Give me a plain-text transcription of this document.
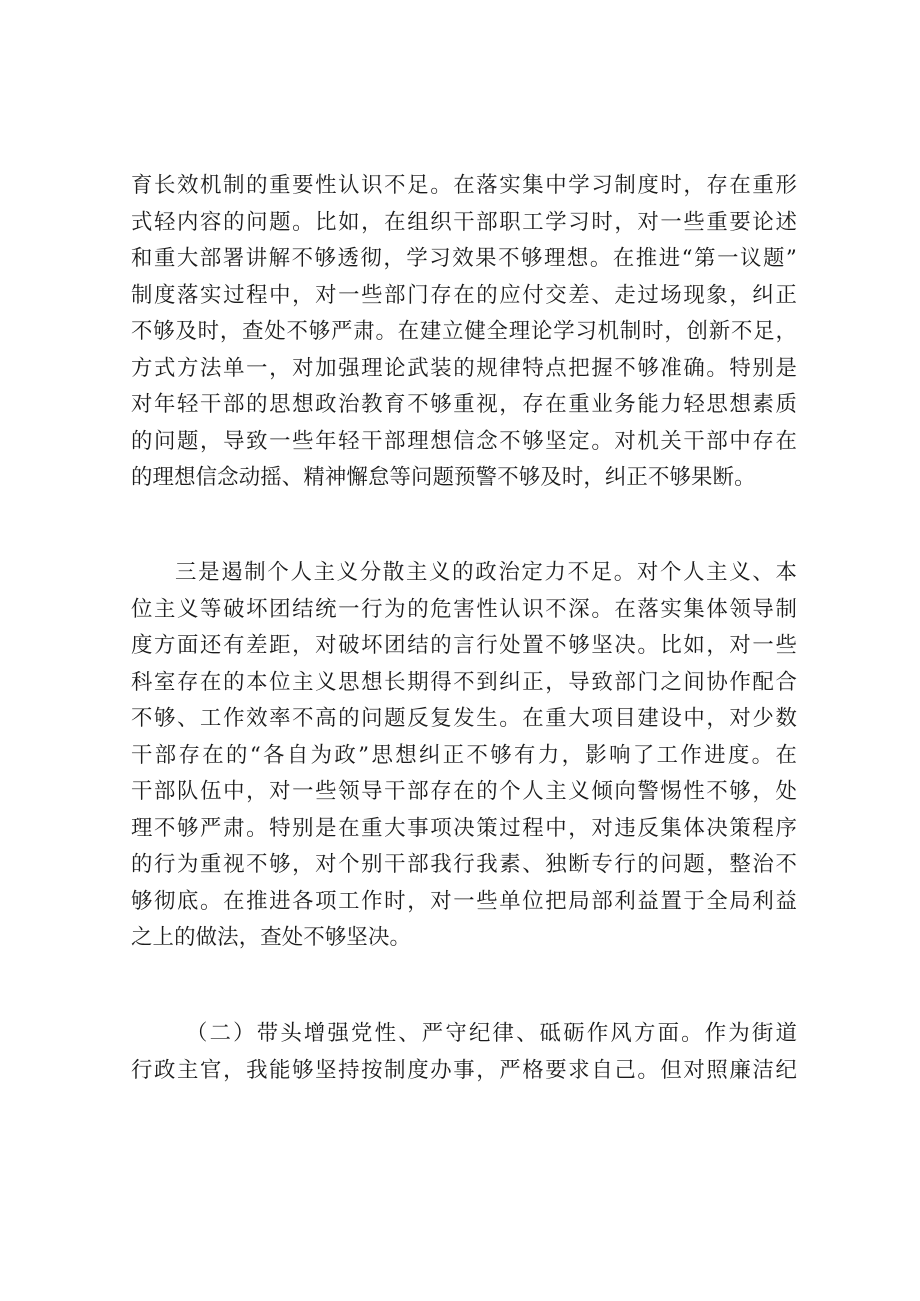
育长效机制的重要性认识不足。在落实集中学习制度时，存在重形
式轻内容的问题。比如，在组织干部职工学习时，对一些重要论述
和重大部署讲解不够透彻，学习效果不够理想。在推进“第一议题”
制度落实过程中，对一些部门存在的应付交差、走过场现象，纠正
不够及时，查处不够严肃。在建立健全理论学习机制时，创新不足，
方式方法单一，对加强理论武装的规律特点把握不够准确。特别是
对年轻干部的思想政治教育不够重视，存在重业务能力轻思想素质
的问题，导致一些年轻干部理想信念不够坚定。对机关干部中存在
的理想信念动摇、精神懈怠等问题预警不够及时，纠正不够果断。
三是遏制个人主义分散主义的政治定力不足。对个人主义、本
位主义等破坏团结统一行为的危害性认识不深。在落实集体领导制
度方面还有差距，对破坏团结的言行处置不够坚决。比如，对一些
科室存在的本位主义思想长期得不到纠正，导致部门之间协作配合
不够、工作效率不高的问题反复发生。在重大项目建设中，对少数
干部存在的“各自为政”思想纠正不够有力，影响了工作进度。在
干部队伍中，对一些领导干部存在的个人主义倾向警惕性不够，处
理不够严肃。特别是在重大事项决策过程中，对违反集体决策程序
的行为重视不够，对个别干部我行我素、独断专行的问题，整治不
够彻底。在推进各项工作时，对一些单位把局部利益置于全局利益
之上的做法，查处不够坚决。
（二）带头增强党性、严守纪律、砥砺作风方面。作为街道
行政主官，我能够坚持按制度办事，严格要求自己。但对照廉洁纪
